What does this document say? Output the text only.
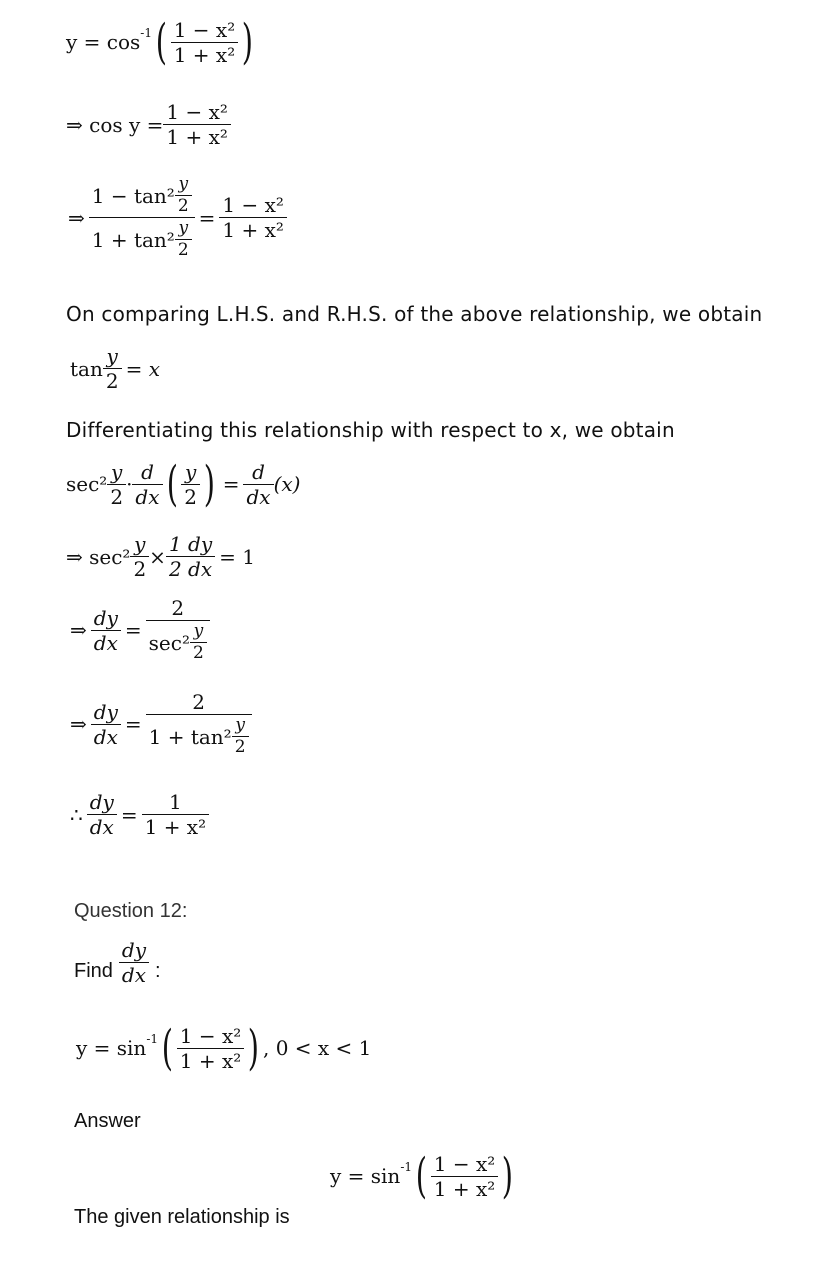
y = cos -1 ( $\frac{\text{1 − x²}}{\text{1 + x²}}$ )
⇒ $\cos y = \frac{\text{1 − x²}}{\text{1 + x²}}$
⇒ $\frac{1 - \tan^2 \frac{y}{2}}{1 + \tan^2 \frac{y}{2}} = \frac{\text{1 − x²}}{\text{1 + x²}}$
On comparing L.H.S. and R.H.S. of the above relationship, we obtain
$\tan \frac{y}{2} = x$
Differentiating this relationship with respect to x, we obtain
$\sec^2 \frac{y}{2} \cdot \frac{d}{dx}$ ( $\frac{y}{2}$ ) = $\frac{d}{dx} (x)$
⇒ $\sec^2 \frac{y}{2} \times \frac{1 dy}{2 dx} = 1$
⇒ $\frac{dy}{dx} = \frac{2}{\sec^2 \frac{y}{2}}$
⇒ $\frac{dy}{dx} = \frac{2}{1 + \tan^2 \frac{y}{2}}$
∴ $\frac{dy}{dx} = \frac{1}{\text{1 + x²}}$
Question 12:
Find $\frac{dy}{dx}$ :
y = sin -1 ( $\frac{\text{1 − x²}}{\text{1 + x²}}$ ) , 0 < x < 1
Answer
y = sin -1 ( $\frac{\text{1 − x²}}{\text{1 + x²}}$ )
The given relationship is
